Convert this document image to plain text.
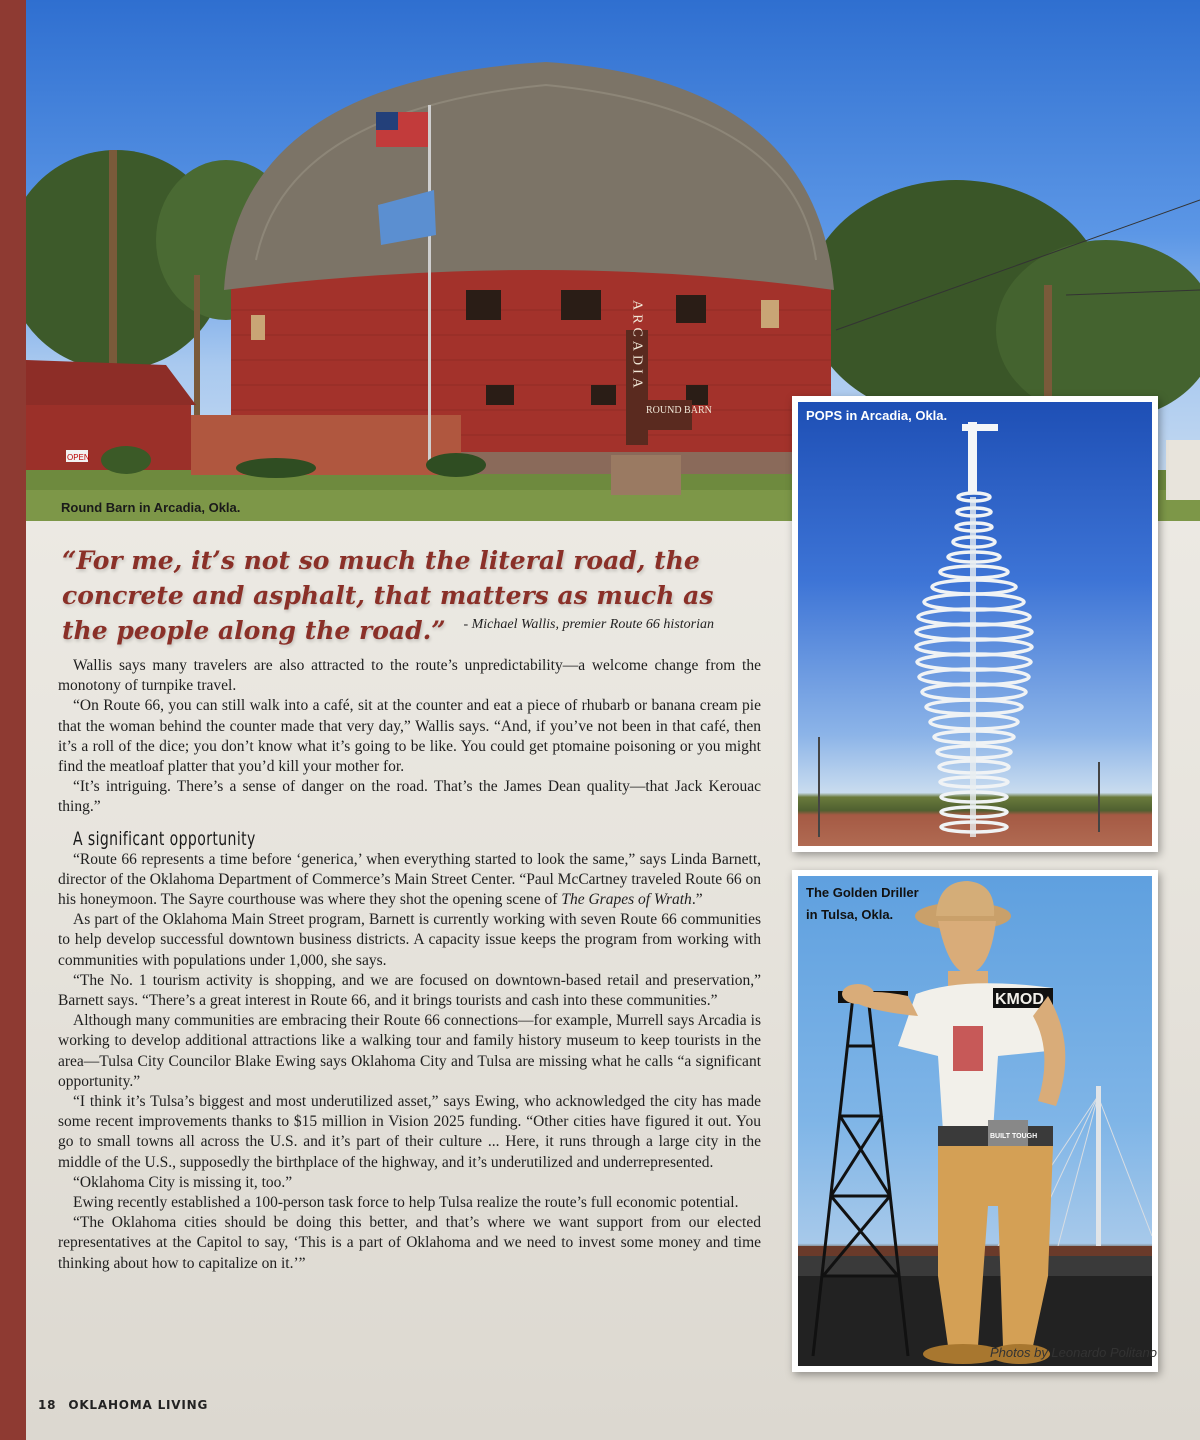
OPEN
ARCADIA
ROUND BARN
Round Barn in Arcadia, Okla.
POPS in Arcadia, Okla.
KMOD
BUILT TOUGH
The Golden Driller
in Tulsa, Okla.
Photos by Leonardo Politano

“For me, it’s not so much the literal road, the concrete and asphalt, that matters as much as the people along the road.”	- Michael Wallis, premier Route 66 historian

Wallis says many travelers are also attracted to the route’s unpredictability—a welcome change from the monotony of turnpike travel.

“On Route 66, you can still walk into a café, sit at the counter and eat a piece of rhubarb or banana cream pie that the woman behind the counter made that very day,” Wallis says. “And, if you’ve not been in that café, then it’s a roll of the dice; you don’t know what it’s going to be like. You could get ptomaine poisoning or you might find the meatloaf platter that you’d kill your mother for.

“It’s intriguing. There’s a sense of danger on the road. That’s the James Dean quality—that Jack Kerouac thing.”

A significant opportunity

“Route 66 represents a time before ‘generica,’ when everything started to look the same,” says Linda Barnett, director of the Oklahoma Department of Commerce’s Main Street Center. “Paul McCartney traveled Route 66 on his honeymoon. The Sayre courthouse was where they shot the opening scene of The Grapes of Wrath.”

As part of the Oklahoma Main Street program, Barnett is currently working with seven Route 66 communities to help develop successful downtown business districts. A capacity issue keeps the program from working with communities with populations under 1,000, she says.

“The No. 1 tourism activity is shopping, and we are focused on downtown-based retail and preservation,” Barnett says. “There’s a great interest in Route 66, and it brings tourists and cash into these communities.”

Although many communities are embracing their Route 66 connections—for example, Murrell says Arcadia is working to develop additional attractions like a walking tour and family history museum to keep tourists in the area—Tulsa City Councilor Blake Ewing says Oklahoma City and Tulsa are missing what he calls “a significant opportunity.”

“I think it’s Tulsa’s biggest and most underutilized asset,” says Ewing, who acknowledged the city has made some recent improvements thanks to $15 million in Vision 2025 funding. “Other cities have figured it out. You go to small towns all across the U.S. and it’s part of their culture ... Here, it runs through a large city in the middle of the U.S., supposedly the birthplace of the highway, and it’s underutilized and underrepresented.

“Oklahoma City is missing it, too.”

Ewing recently established a 100-person task force to help Tulsa realize the route’s full economic potential.

“The Oklahoma cities should be doing this better, and that’s where we want support from our elected representatives at the Capitol to say, ‘This is a part of Oklahoma and we need to invest some money and time thinking about how to capitalize on it.’”

18 OKLAHOMA LIVING
